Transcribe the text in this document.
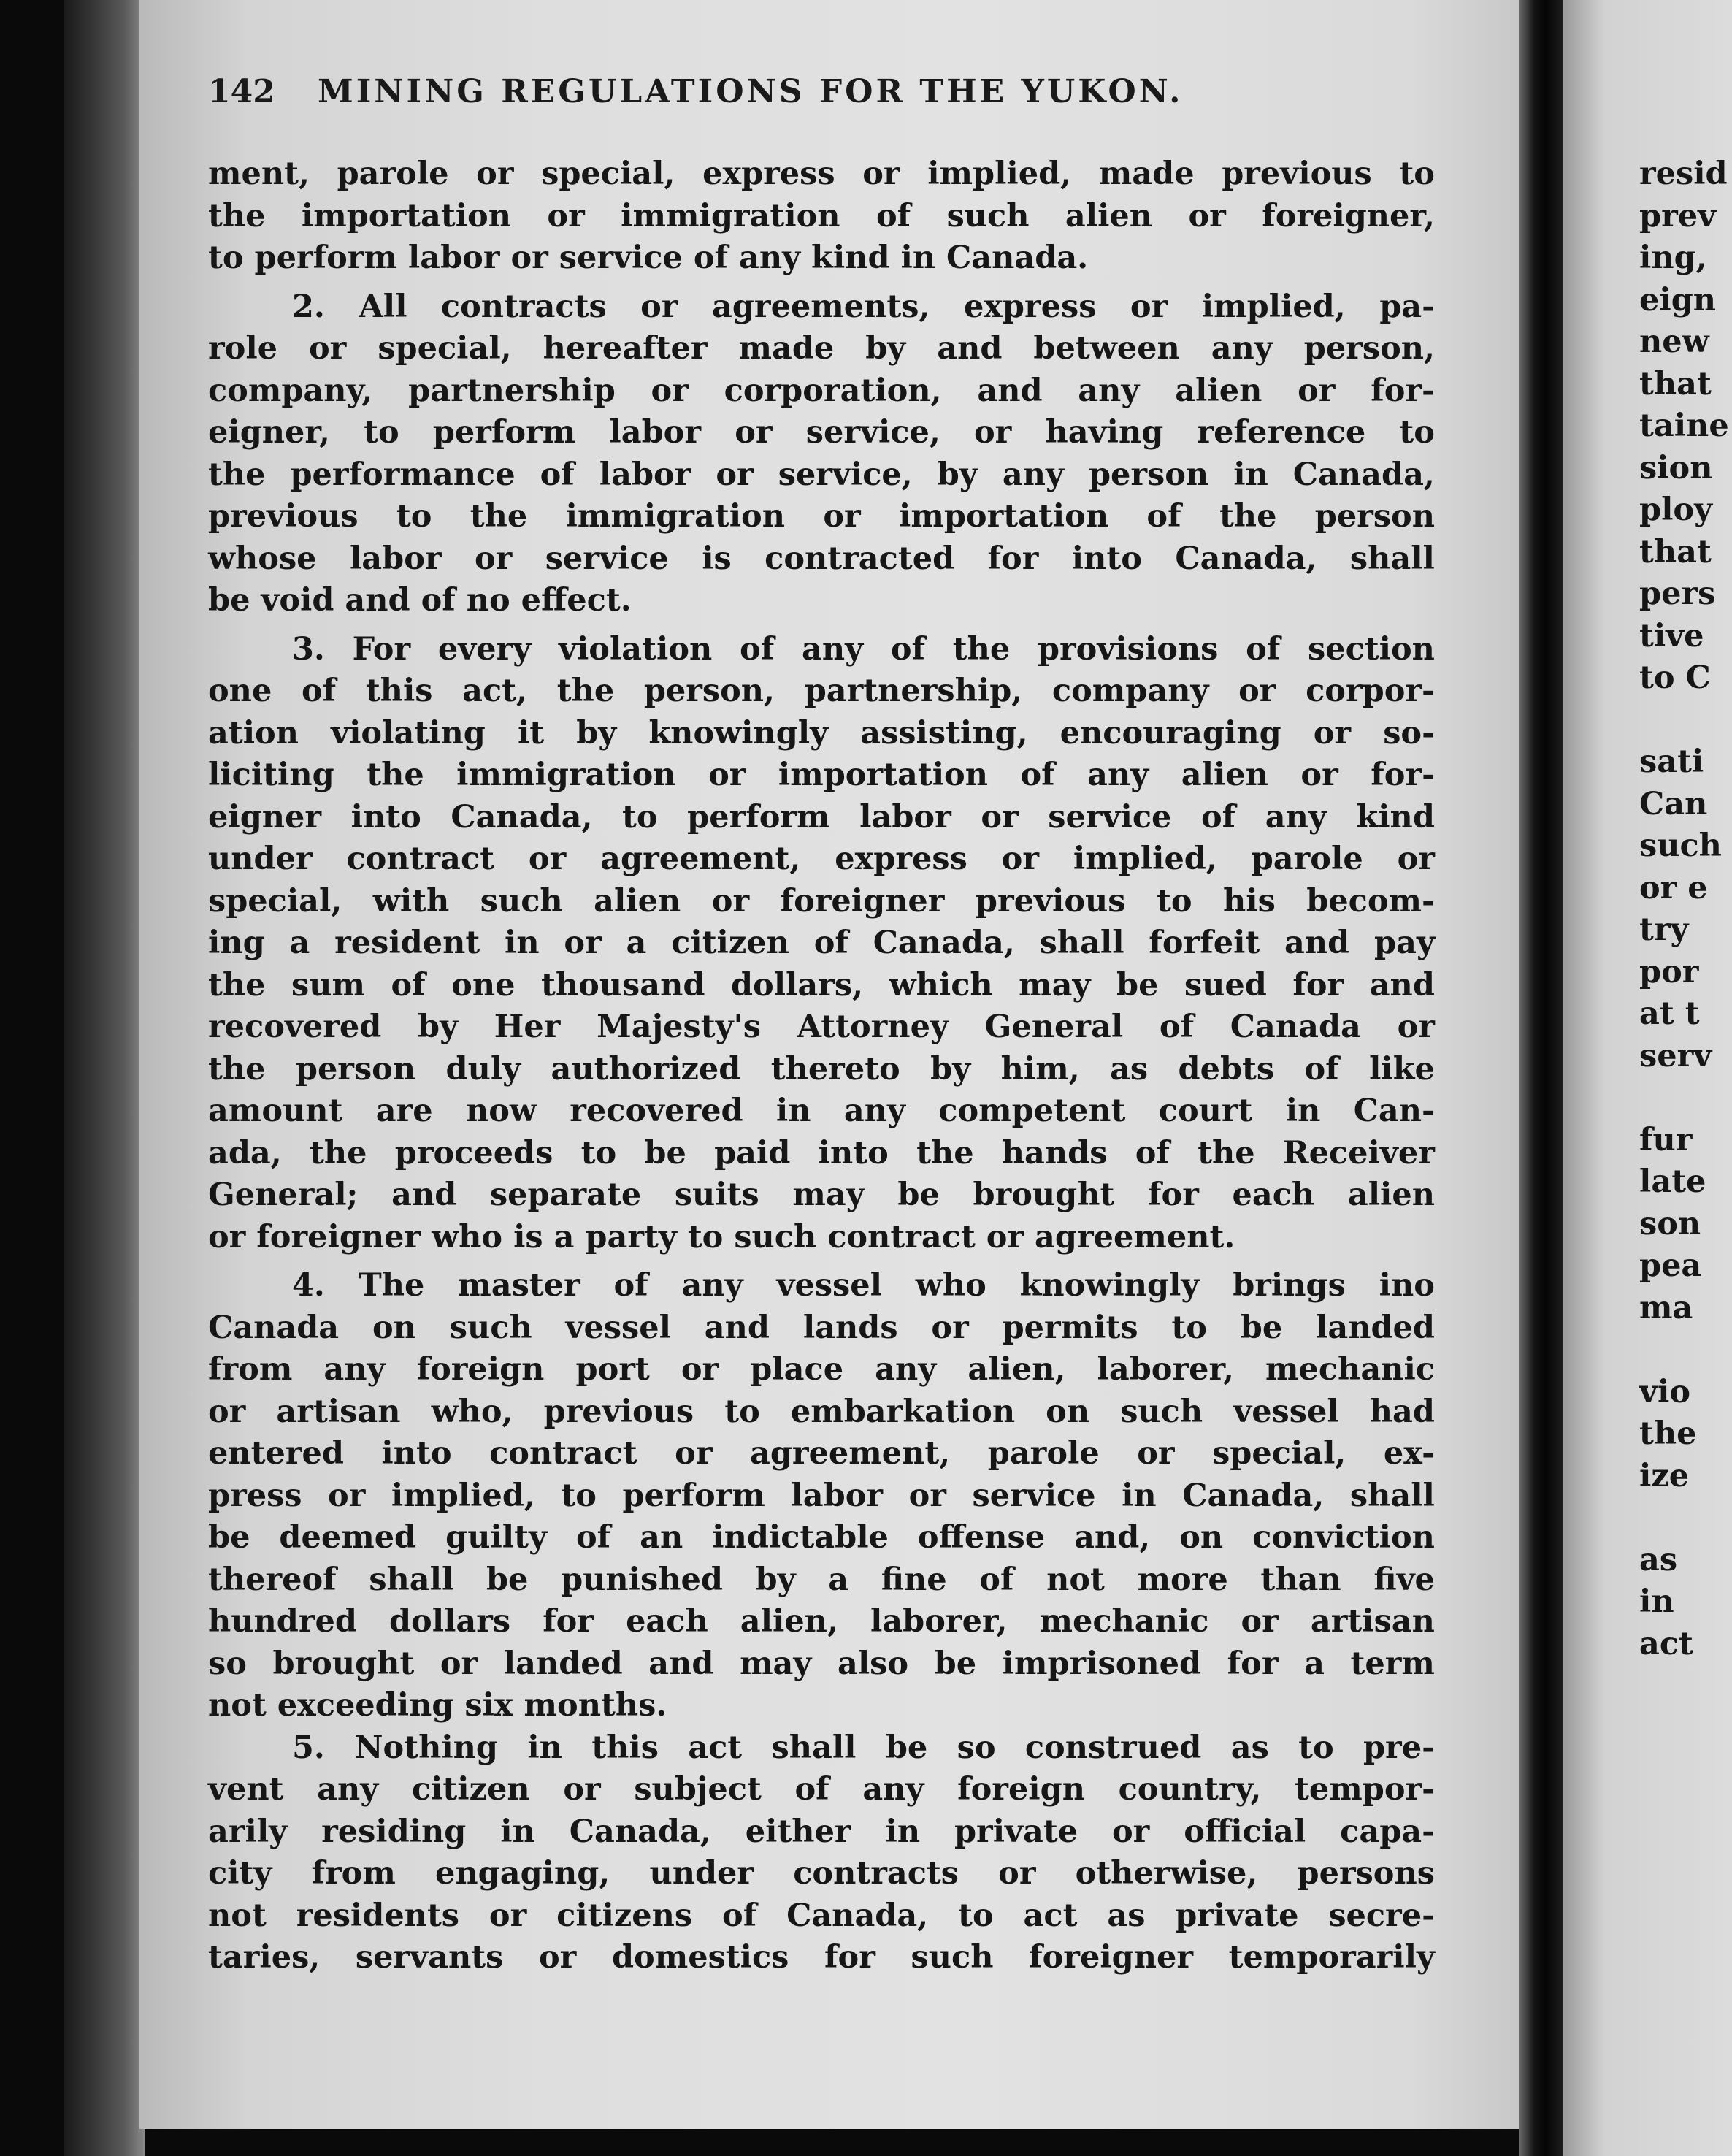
142 MINING REGULATIONS FOR THE YUKON.
ment, parole or special, express or implied, made previous to
the importation or immigration of such alien or foreigner,
to perform labor or service of any kind in Canada.
2. All contracts or agreements, express or implied, pa-
role or special, hereafter made by and between any person,
company, partnership or corporation, and any alien or for-
eigner, to perform labor or service, or having reference to
the performance of labor or service, by any person in Canada,
previous to the immigration or importation of the person
whose labor or service is contracted for into Canada, shall
be void and of no effect.
3. For every violation of any of the provisions of section
one of this act, the person, partnership, company or corpor-
ation violating it by knowingly assisting, encouraging or so-
liciting the immigration or importation of any alien or for-
eigner into Canada, to perform labor or service of any kind
under contract or agreement, express or implied, parole or
special, with such alien or foreigner previous to his becom-
ing a resident in or a citizen of Canada, shall forfeit and pay
the sum of one thousand dollars, which may be sued for and
recovered by Her Majesty's Attorney General of Canada or
the person duly authorized thereto by him, as debts of like
amount are now recovered in any competent court in Can-
ada, the proceeds to be paid into the hands of the Receiver
General; and separate suits may be brought for each alien
or foreigner who is a party to such contract or agreement.
4. The master of any vessel who knowingly brings ino
Canada on such vessel and lands or permits to be landed
from any foreign port or place any alien, laborer, mechanic
or artisan who, previous to embarkation on such vessel had
entered into contract or agreement, parole or special, ex-
press or implied, to perform labor or service in Canada, shall
be deemed guilty of an indictable offense and, on conviction
thereof shall be punished by a fine of not more than five
hundred dollars for each alien, laborer, mechanic or artisan
so brought or landed and may also be imprisoned for a term
not exceeding six months.
5. Nothing in this act shall be so construed as to pre-
vent any citizen or subject of any foreign country, tempor-
arily residing in Canada, either in private or official capa-
city from engaging, under contracts or otherwise, persons
not residents or citizens of Canada, to act as private secre-
taries, servants or domestics for such foreigner temporarily
resid
prev
ing,
eign
new
that
taine
sion
ploy
that
pers
tive
to C
sati
Can
such
or e
try
por
at t
serv
fur
late
son
pea
ma
vio
the
ize
as
in
act
